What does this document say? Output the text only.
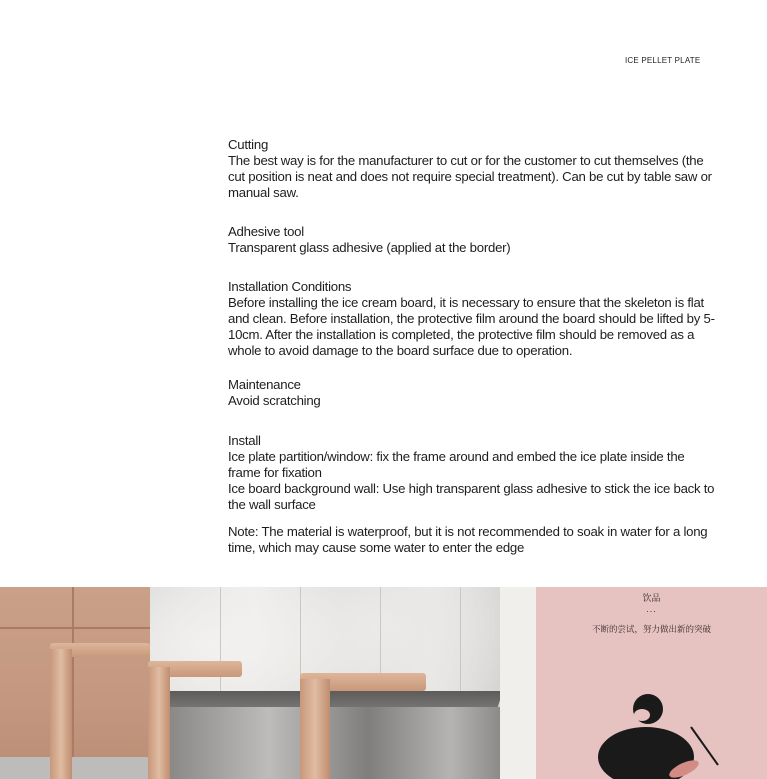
ICE PELLET PLATE
Cutting
The best way is for the manufacturer to cut or for the customer to cut themselves (the cut position is neat and does not require special treatment). Can be cut by table saw or manual saw.
Adhesive tool
Transparent glass adhesive (applied at the border)
Installation Conditions
Before installing the ice cream board, it is necessary to ensure that the skeleton is flat and clean. Before installation, the protective film around the board should be lifted by 5-10cm. After the installation is completed, the protective film should be removed as a whole to avoid damage to the board surface due to operation.
Maintenance
Avoid scratching
Install
Ice plate partition/window: fix the frame around and embed the ice plate inside the frame for fixation
Ice board background wall: Use high transparent glass adhesive to stick the ice back to the wall surface
Note: The material is waterproof, but it is not recommended to soak in water for a long time, which may cause some water to enter the edge
饮品
...
不断的尝试，努力做出新的突破
